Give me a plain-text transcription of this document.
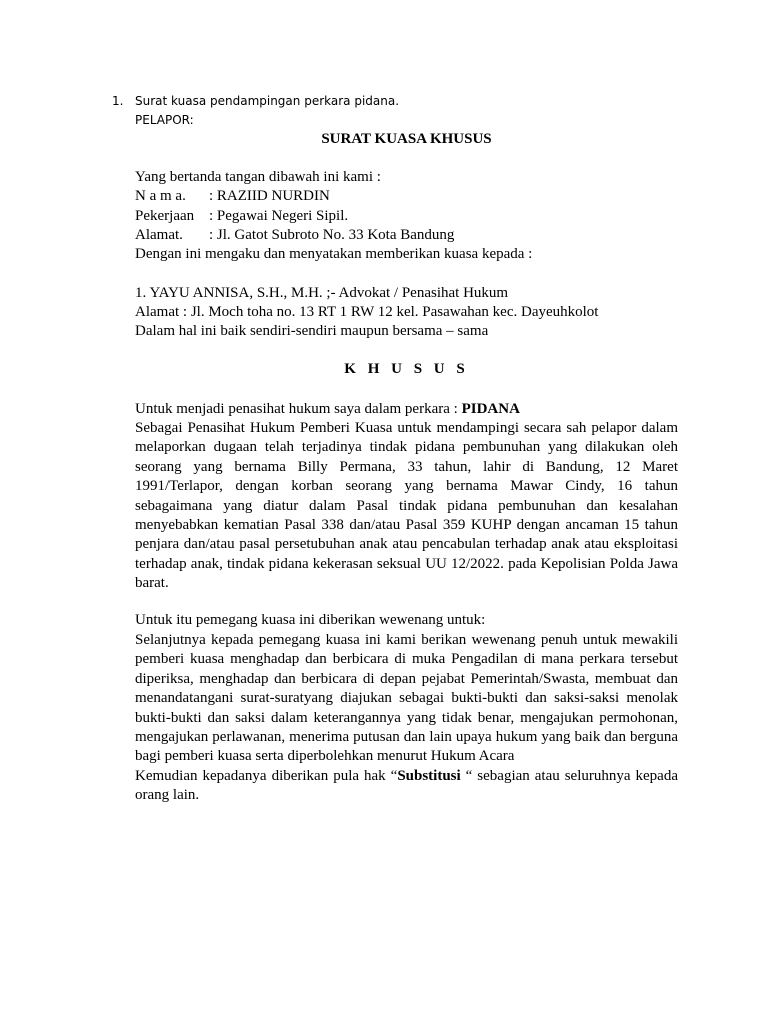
1. Surat kuasa pendampingan perkara pidana.
PELAPOR:
SURAT KUASA KHUSUS
Yang bertanda tangan dibawah ini kami :
N a m a. : RAZIID NURDIN
Pekerjaan : Pegawai Negeri Sipil.
Alamat. : Jl. Gatot Subroto No. 33 Kota Bandung
Dengan ini mengaku dan menyatakan memberikan kuasa kepada :
1. YAYU ANNISA, S.H., M.H. ;- Advokat / Penasihat Hukum
Alamat : Jl. Moch toha no. 13 RT 1 RW 12 kel. Pasawahan kec. Dayeuhkolot
Dalam hal ini baik sendiri-sendiri maupun bersama – sama
K H U S U S
Untuk menjadi penasihat hukum saya dalam perkara : PIDANA
Sebagai Penasihat Hukum Pemberi Kuasa untuk mendampingi secara sah pelapor dalam melaporkan dugaan telah terjadinya tindak pidana pembunuhan yang dilakukan oleh seorang yang bernama Billy Permana, 33 tahun, lahir di Bandung, 12 Maret 1991/Terlapor, dengan korban seorang yang bernama Mawar Cindy, 16 tahun sebagaimana yang diatur dalam Pasal tindak pidana pembunuhan dan kesalahan menyebabkan kematian Pasal 338 dan/atau Pasal 359 KUHP dengan ancaman 15 tahun penjara dan/atau pasal persetubuhan anak atau pencabulan terhadap anak atau eksploitasi terhadap anak, tindak pidana kekerasan seksual UU 12/2022. pada Kepolisian Polda Jawa barat.
Untuk itu pemegang kuasa ini diberikan wewenang untuk:
Selanjutnya kepada pemegang kuasa ini kami berikan wewenang penuh untuk mewakili pemberi kuasa menghadap dan berbicara di muka Pengadilan di mana perkara tersebut diperiksa, menghadap dan berbicara di depan pejabat Pemerintah/Swasta, membuat dan menandatangani surat-suratyang diajukan sebagai bukti-bukti dan saksi-saksi menolak bukti-bukti dan saksi dalam keterangannya yang tidak benar, mengajukan permohonan, mengajukan perlawanan, menerima putusan dan lain upaya hukum yang baik dan berguna bagi pemberi kuasa serta diperbolehkan menurut Hukum Acara
Kemudian kepadanya diberikan pula hak “Substitusi “ sebagian atau seluruhnya kepada orang lain.
